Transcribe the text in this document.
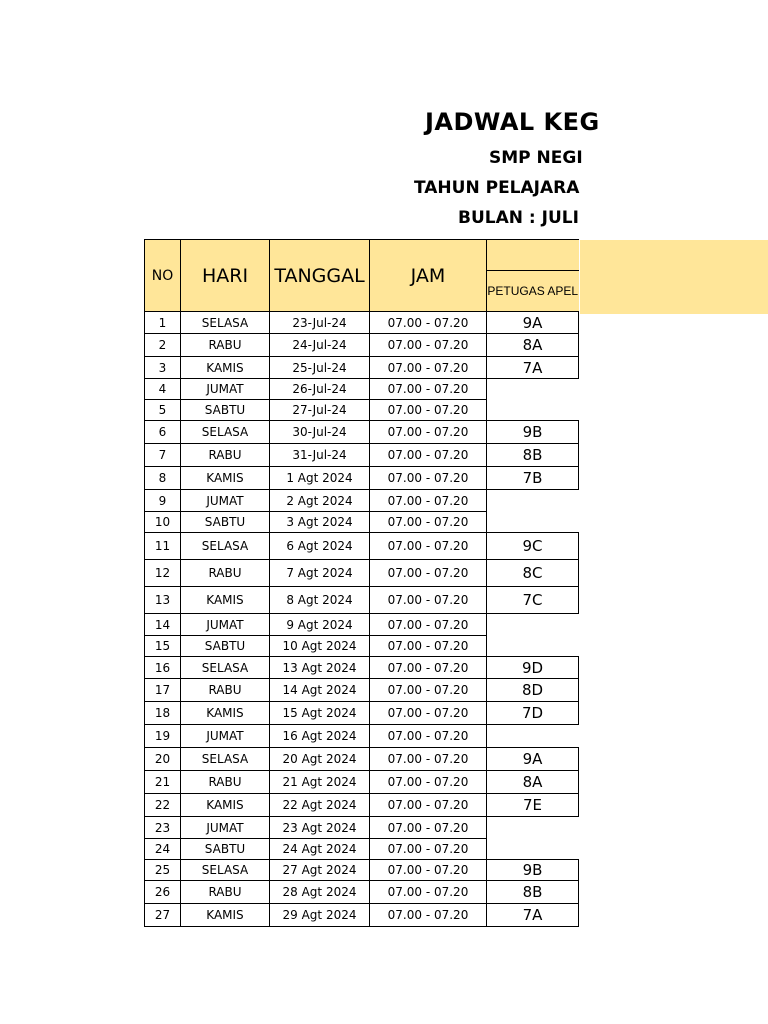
JADWAL KEG
SMP NEGI
TAHUN PELAJARA
BULAN : JULI
NO	HARI	TANGGAL	JAM	
				PETUGAS APEL
1	SELASA	23-Jul-24	07.00 - 07.20	9A
2	RABU	24-Jul-24	07.00 - 07.20	8A
3	KAMIS	25-Jul-24	07.00 - 07.20	7A
4	JUMAT	26-Jul-24	07.00 - 07.20	
5	SABTU	27-Jul-24	07.00 - 07.20	
6	SELASA	30-Jul-24	07.00 - 07.20	9B
7	RABU	31-Jul-24	07.00 - 07.20	8B
8	KAMIS	1 Agt 2024	07.00 - 07.20	7B
9	JUMAT	2 Agt 2024	07.00 - 07.20	
10	SABTU	3 Agt 2024	07.00 - 07.20	
11	SELASA	6 Agt 2024	07.00 - 07.20	9C
12	RABU	7 Agt 2024	07.00 - 07.20	8C
13	KAMIS	8 Agt 2024	07.00 - 07.20	7C
14	JUMAT	9 Agt 2024	07.00 - 07.20	
15	SABTU	10 Agt 2024	07.00 - 07.20	
16	SELASA	13 Agt 2024	07.00 - 07.20	9D
17	RABU	14 Agt 2024	07.00 - 07.20	8D
18	KAMIS	15 Agt 2024	07.00 - 07.20	7D
19	JUMAT	16 Agt 2024	07.00 - 07.20	
20	SELASA	20 Agt 2024	07.00 - 07.20	9A
21	RABU	21 Agt 2024	07.00 - 07.20	8A
22	KAMIS	22 Agt 2024	07.00 - 07.20	7E
23	JUMAT	23 Agt 2024	07.00 - 07.20	
24	SABTU	24 Agt 2024	07.00 - 07.20	
25	SELASA	27 Agt 2024	07.00 - 07.20	9B
26	RABU	28 Agt 2024	07.00 - 07.20	8B
27	KAMIS	29 Agt 2024	07.00 - 07.20	7A
